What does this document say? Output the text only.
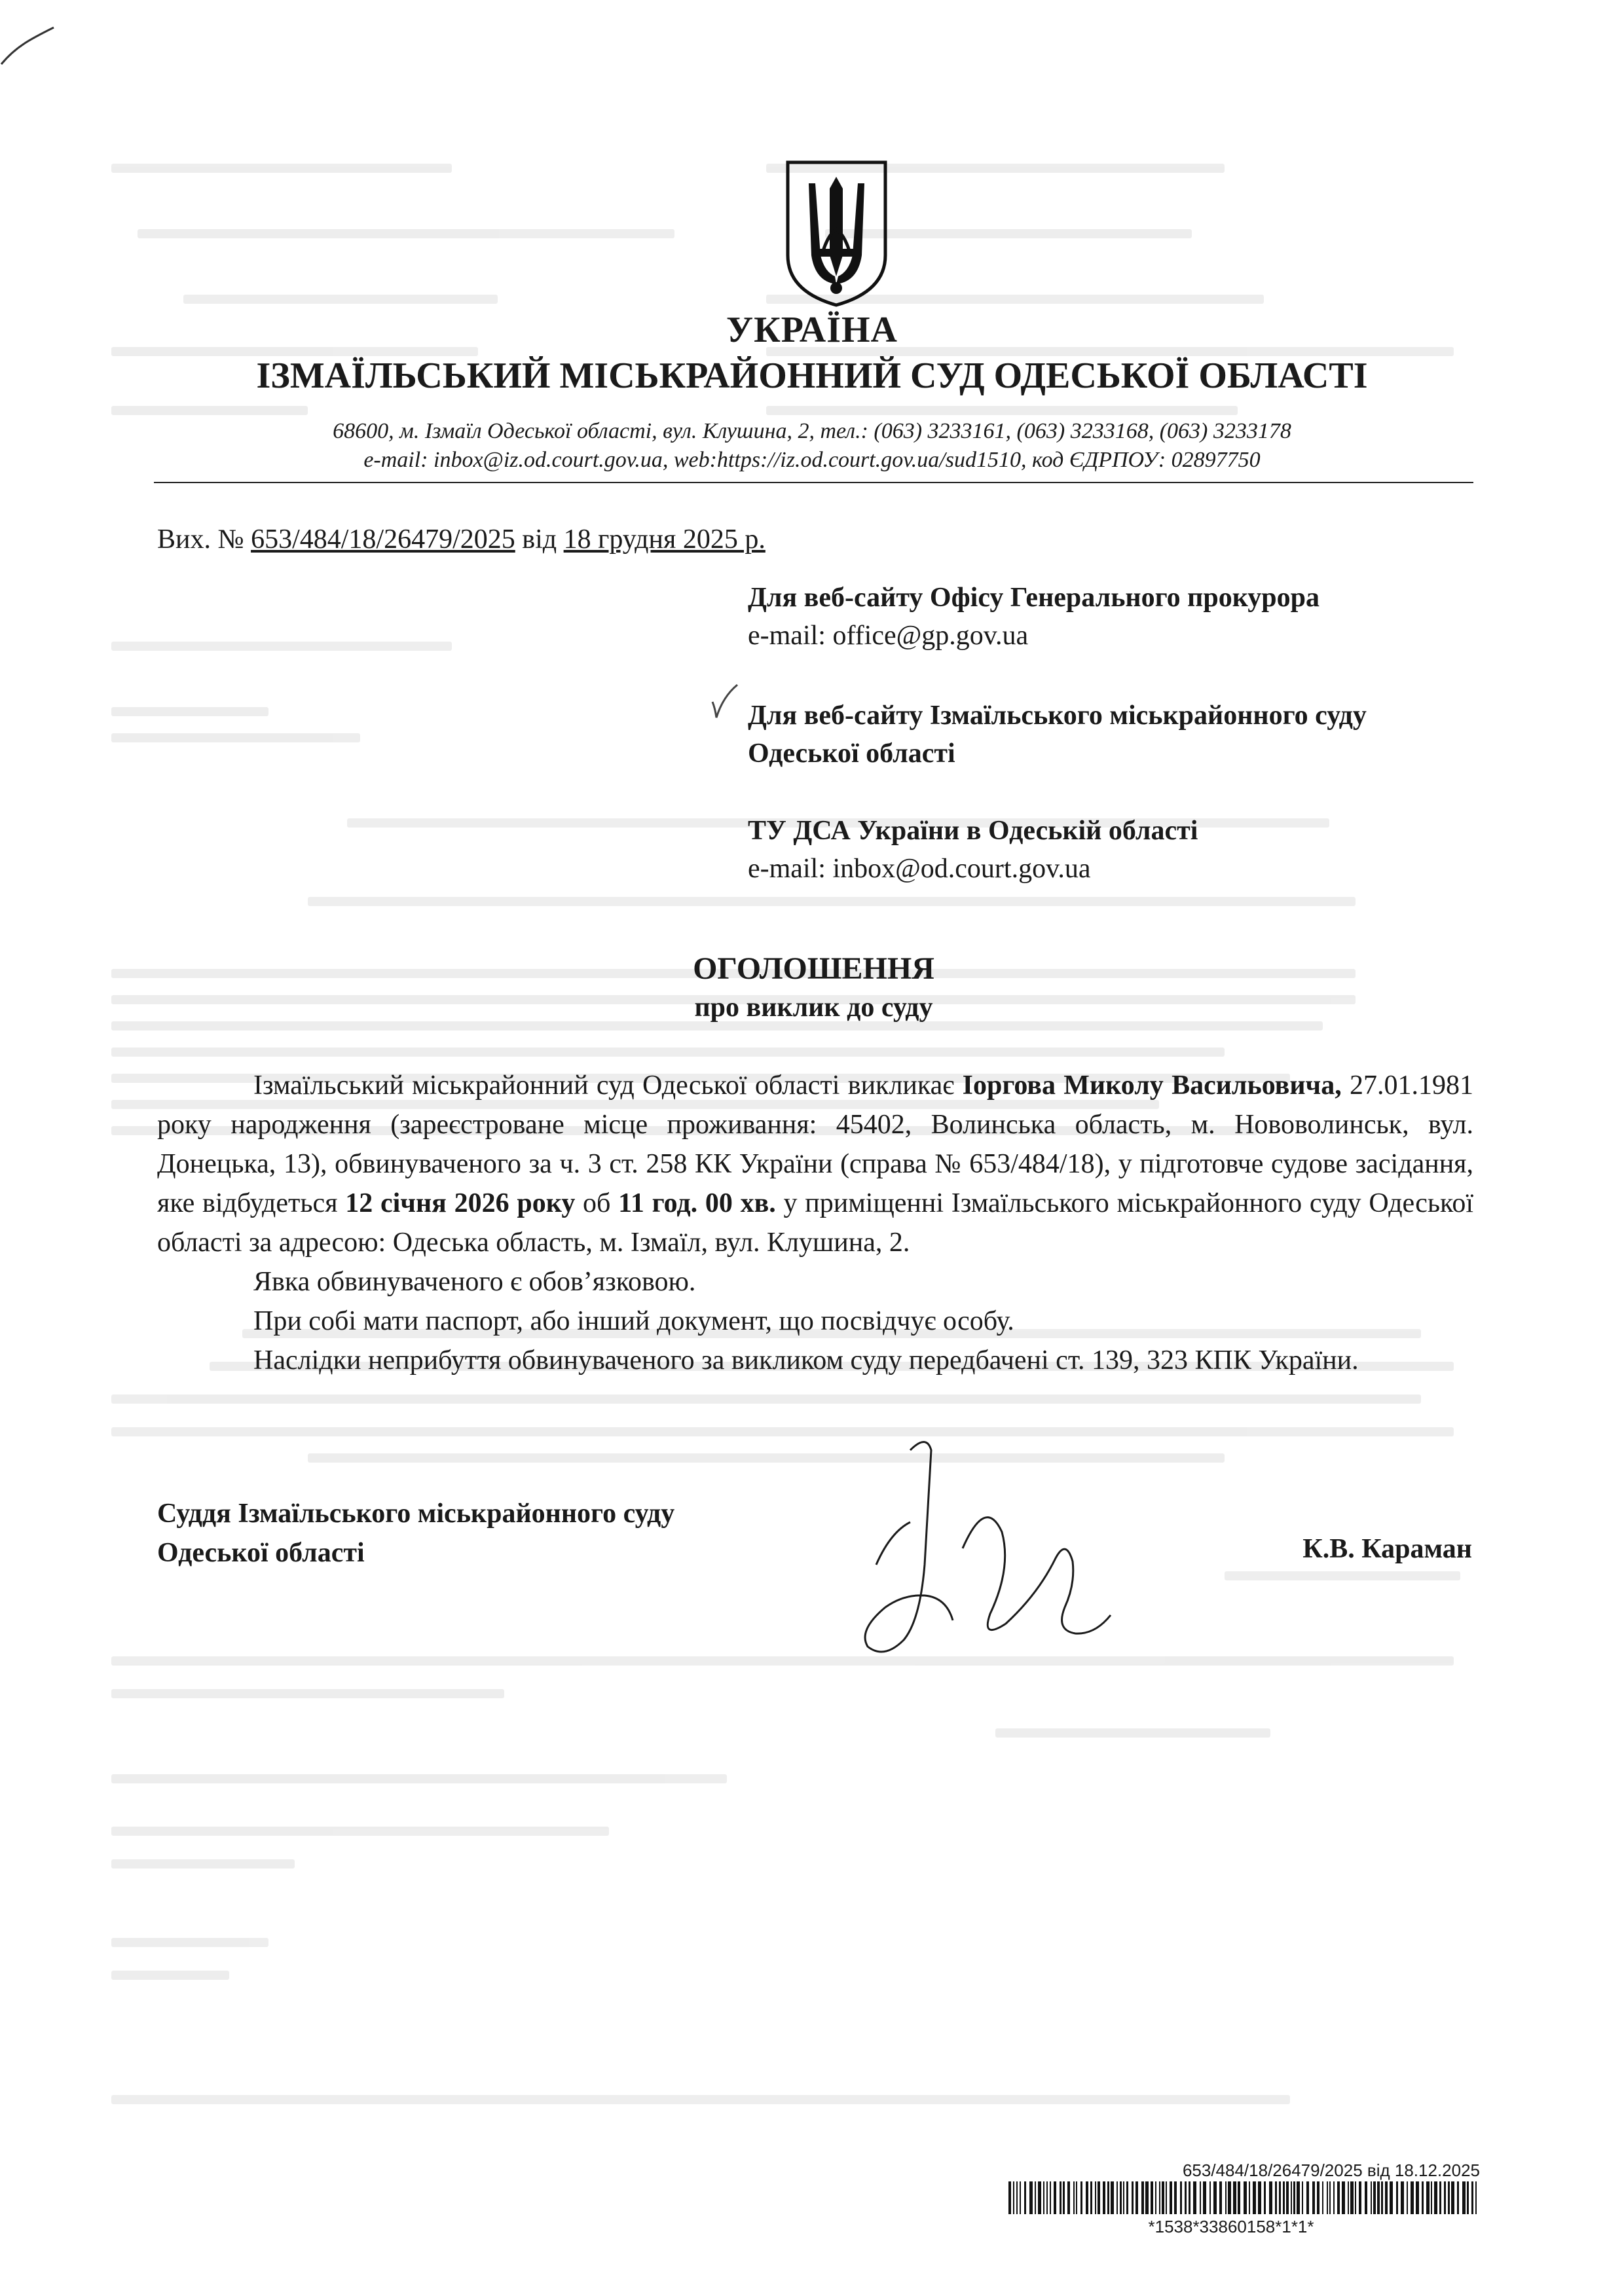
УКРАЇНА
ІЗМАЇЛЬСЬКИЙ МІСЬКРАЙОННИЙ СУД ОДЕСЬКОЇ ОБЛАСТІ
68600, м. Ізмаїл Одеської області, вул. Клушина, 2, тел.: (063) 3233161, (063) 3233168, (063) 3233178
e-mail: inbox@iz.od.court.gov.ua, web:https://iz.od.court.gov.ua/sud1510, код ЄДРПОУ: 02897750
Вих. № 653/484/18/26479/2025 від 18 грудня 2025 р.
Для веб-сайту Офісу Генерального прокурора
e-mail: office@gp.gov.ua
Для веб-сайту Ізмаїльського міськрайонного суду Одеської області
ТУ ДСА України в Одеській області
e-mail: inbox@od.court.gov.ua
ОГОЛОШЕННЯ
про виклик до суду

Ізмаїльський міськрайонний суд Одеської області викликає Іоргова Миколу Васильовича, 27.01.1981 року народження (зареєстроване місце проживання: 45402, Волинська область, м. Нововолинськ, вул. Донецька, 13), обвинуваченого за ч. 3 ст. 258 КК України (справа № 653/484/18), у підготовче судове засідання, яке відбудеться 12 січня 2026 року об 11 год. 00 хв. у приміщенні Ізмаїльського міськрайонного суду Одеської області за адресою: Одеська область, м. Ізмаїл, вул. Клушина, 2.

Явка обвинуваченого є обов’язковою.

При собі мати паспорт, або інший документ, що посвідчує особу.

Наслідки неприбуття обвинуваченого за викликом суду передбачені ст. 139, 323 КПК України.

Суддя Ізмаїльського міськрайонного суду
Одеської області	К.В. Караман
653/484/18/26479/2025 від 18.12.2025
*1538*33860158*1*1*
